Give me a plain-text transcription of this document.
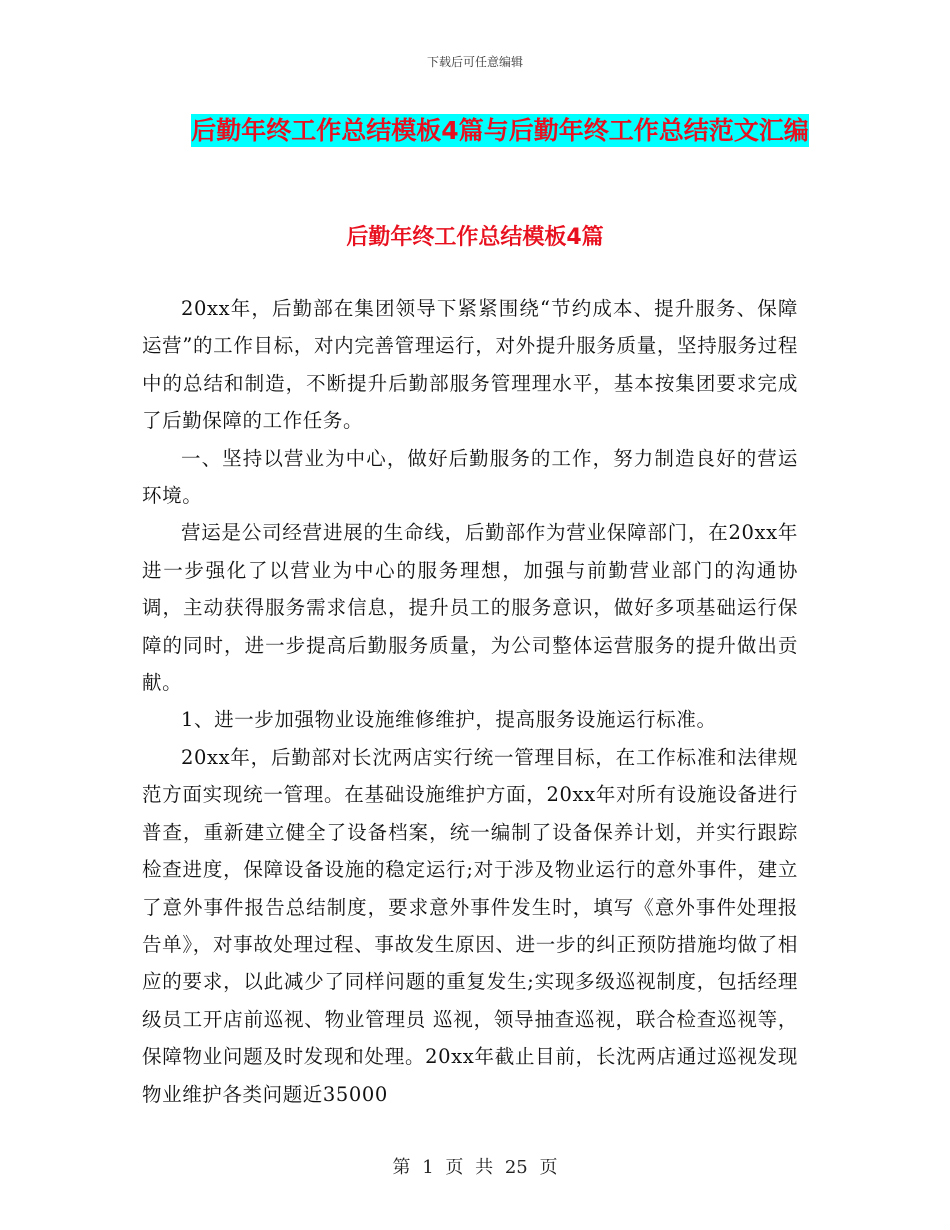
下载后可任意编辑
后勤年终工作总结模板4篇与后勤年终工作总结范文汇编
后勤年终工作总结模板4篇

20xx年，后勤部在集团领导下紧紧围绕“节约成本、提升服务、保障运营”的工作目标，对内完善管理运行，对外提升服务质量，坚持服务过程中的总结和制造，不断提升后勤部服务管理理水平，基本按集团要求完成了后勤保障的工作任务。

一、坚持以营业为中心，做好后勤服务的工作，努力制造良好的营运环境。

营运是公司经营进展的生命线，后勤部作为营业保障部门，在20xx年进一步强化了以营业为中心的服务理想，加强与前勤营业部门的沟通协调，主动获得服务需求信息，提升员工的服务意识，做好多项基础运行保障的同时，进一步提高后勤服务质量，为公司整体运营服务的提升做出贡献。

1、进一步加强物业设施维修维护，提高服务设施运行标准。

20xx年，后勤部对长沈两店实行统一管理目标，在工作标准和法律规范方面实现统一管理。在基础设施维护方面，20xx年对所有设施设备进行普查，重新建立健全了设备档案，统一编制了设备保养计划，并实行跟踪检查进度，保障设备设施的稳定运行;对于涉及物业运行的意外事件，建立了意外事件报告总结制度，要求意外事件发生时，填写《意外事件处理报告单》，对事故处理过程、事故发生原因、进一步的纠正预防措施均做了相应的要求，以此减少了同样问题的重复发生;实现多级巡视制度，包括经理级员工开店前巡视、物业管理员 巡视，领导抽查巡视，联合检查巡视等，保障物业问题及时发现和处理。20xx年截止目前，长沈两店通过巡视发现物业维护各类问题近35000

第 1 页 共 25 页
